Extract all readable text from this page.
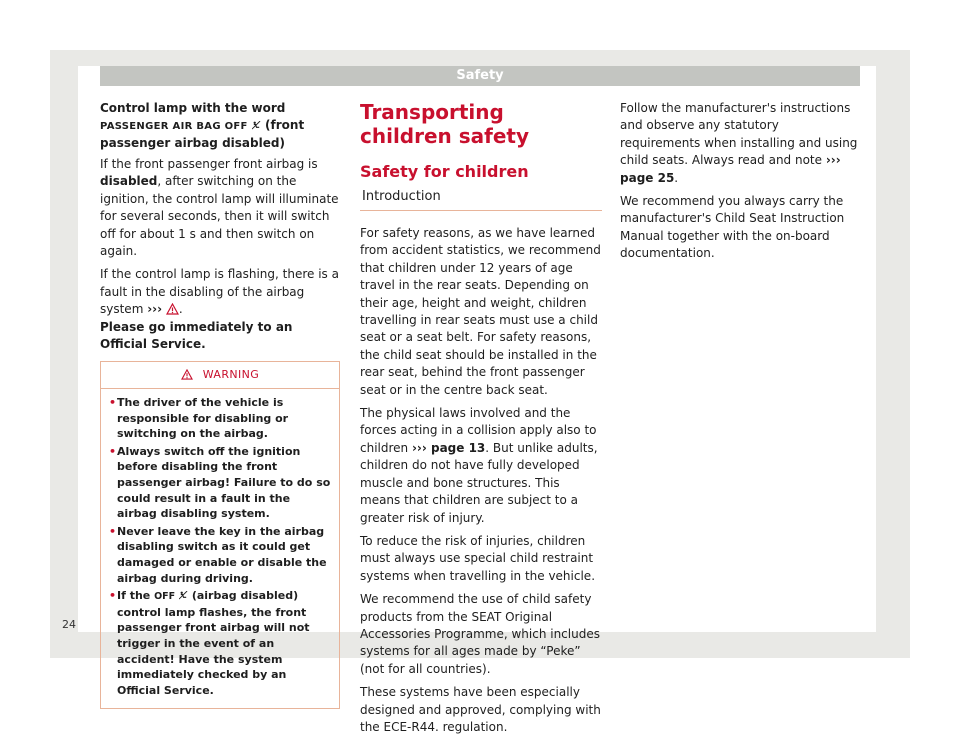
Safety
Control lamp with the word PASSENGER AIR BAG OFF  (front passenger airbag disabled)

If the front passenger front airbag is disabled, after switching on the ignition, the control lamp will illuminate for several seconds, then it will switch off for about 1 s and then switch on again.

If the control lamp is flashing, there is a fault in the disabling of the airbag system ››› .
Please go immediately to an Official Service.

WARNING
• The driver of the vehicle is responsible for disabling or switching on the airbag.
• Always switch off the ignition before disabling the front passenger airbag! Failure to do so could result in a fault in the airbag disabling system.
• Never leave the key in the airbag disabling switch as it could get damaged or enable or disable the airbag during driving.
• If the OFF  (airbag disabled) control lamp flashes, the front passenger front airbag will not trigger in the event of an accident! Have the system immediately checked by an Official Service.
Transporting children safety
Safety for children
Introduction

For safety reasons, as we have learned from accident statistics, we recommend that children under 12 years of age travel in the rear seats. Depending on their age, height and weight, children travelling in rear seats must use a child seat or a seat belt. For safety reasons, the child seat should be installed in the rear seat, behind the front passenger seat or in the centre back seat.

The physical laws involved and the forces acting in a collision apply also to children ››› page 13. But unlike adults, children do not have fully developed muscle and bone structures. This means that children are subject to a greater risk of injury.

To reduce the risk of injuries, children must always use special child restraint systems when travelling in the vehicle.

We recommend the use of child safety products from the SEAT Original Accessories Programme, which includes systems for all ages made by “Peke” (not for all countries).

These systems have been especially designed and approved, complying with the ECE-R44. regulation.

Follow the manufacturer's instructions and observe any statutory requirements when installing and using child seats. Always read and note ››› page 25.

We recommend you always carry the manufacturer's Child Seat Instruction Manual together with the on-board documentation.

24
